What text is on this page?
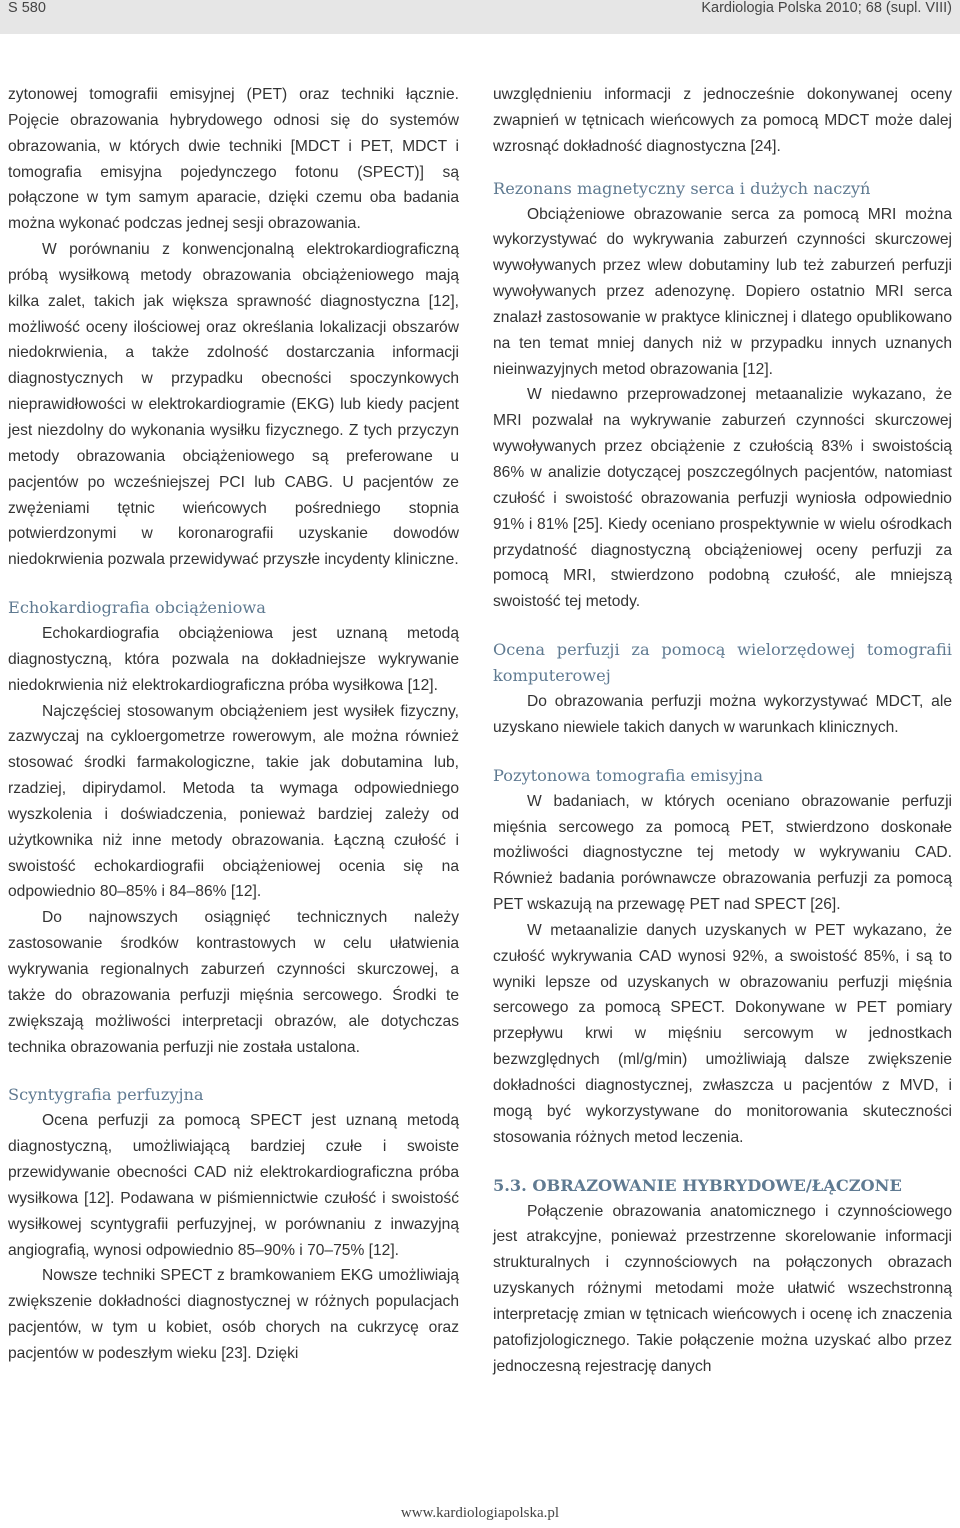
S 580	Kardiologia Polska 2010; 68 (supl. VIII)

zytonowej tomografii emisyjnej (PET) oraz techniki łącznie. Pojęcie obrazowania hybrydowego odnosi się do systemów obrazowania, w których dwie techniki [MDCT i PET, MDCT i tomografia emisyjna pojedynczego fotonu (SPECT)] są połączone w tym samym aparacie, dzięki czemu oba badania można wykonać podczas jednej sesji obrazowania.

W porównaniu z konwencjonalną elektrokardiograficzną próbą wysiłkową metody obrazowania obciążeniowego mają kilka zalet, takich jak większa sprawność diagnostyczna [12], możliwość oceny ilościowej oraz określania lokalizacji obszarów niedokrwienia, a także zdolność dostarczania informacji diagnostycznych w przypadku obecności spoczynkowych nieprawidłowości w elektrokardiogramie (EKG) lub kiedy pacjent jest niezdolny do wykonania wysiłku fizycznego. Z tych przyczyn metody obrazowania obciążeniowego są preferowane u pacjentów po wcześniejszej PCI lub CABG. U pacjentów ze zwężeniami tętnic wieńcowych pośredniego stopnia potwierdzonymi w koronarografii uzyskanie dowodów niedokrwienia pozwala przewidywać przyszłe incydenty kliniczne.

Echokardiografia obciążeniowa

Echokardiografia obciążeniowa jest uznaną metodą diagnostyczną, która pozwala na dokładniejsze wykrywanie niedokrwienia niż elektrokardiograficzna próba wysiłkowa [12].

Najczęściej stosowanym obciążeniem jest wysiłek fizyczny, zazwyczaj na cykloergometrze rowerowym, ale można również stosować środki farmakologiczne, takie jak dobutamina lub, rzadziej, dipirydamol. Metoda ta wymaga odpowiedniego wyszkolenia i doświadczenia, ponieważ bardziej zależy od użytkownika niż inne metody obrazowania. Łączną czułość i swoistość echokardiografii obciążeniowej ocenia się na odpowiednio 80–85% i 84–86% [12].

Do najnowszych osiągnięć technicznych należy zastosowanie środków kontrastowych w celu ułatwienia wykrywania regionalnych zaburzeń czynności skurczowej, a także do obrazowania perfuzji mięśnia sercowego. Środki te zwiększają możliwości interpretacji obrazów, ale dotychczas technika obrazowania perfuzji nie została ustalona.

Scyntygrafia perfuzyjna

Ocena perfuzji za pomocą SPECT jest uznaną metodą diagnostyczną, umożliwiającą bardziej czułe i swoiste przewidywanie obecności CAD niż elektrokardiograficzna próba wysiłkowa [12]. Podawana w piśmiennictwie czułość i swoistość wysiłkowej scyntygrafii perfuzyjnej, w porównaniu z inwazyjną angiografią, wynosi odpowiednio 85–90% i 70–75% [12].

Nowsze techniki SPECT z bramkowaniem EKG umożliwiają zwiększenie dokładności diagnostycznej w różnych populacjach pacjentów, w tym u kobiet, osób chorych na cukrzycę oraz pacjentów w podeszłym wieku [23]. Dzięki

uwzględnieniu informacji z jednocześnie dokonywanej oceny zwapnień w tętnicach wieńcowych za pomocą MDCT może dalej wzrosnąć dokładność diagnostyczna [24].

Rezonans magnetyczny serca i dużych naczyń

Obciążeniowe obrazowanie serca za pomocą MRI można wykorzystywać do wykrywania zaburzeń czynności skurczowej wywoływanych przez wlew dobutaminy lub też zaburzeń perfuzji wywoływanych przez adenozynę. Dopiero ostatnio MRI serca znalazł zastosowanie w praktyce klinicznej i dlatego opublikowano na ten temat mniej danych niż w przypadku innych uznanych nieinwazyjnych metod obrazowania [12].

W niedawno przeprowadzonej metaanalizie wykazano, że MRI pozwalał na wykrywanie zaburzeń czynności skurczowej wywoływanych przez obciążenie z czułością 83% i swoistością 86% w analizie dotyczącej poszczególnych pacjentów, natomiast czułość i swoistość obrazowania perfuzji wyniosła odpowiednio 91% i 81% [25]. Kiedy oceniano prospektywnie w wielu ośrodkach przydatność diagnostyczną obciążeniowej oceny perfuzji za pomocą MRI, stwierdzono podobną czułość, ale mniejszą swoistość tej metody.

Ocena perfuzji za pomocą wielorzędowej tomografii komputerowej

Do obrazowania perfuzji można wykorzystywać MDCT, ale uzyskano niewiele takich danych w warunkach klinicznych.

Pozytonowa tomografia emisyjna

W badaniach, w których oceniano obrazowanie perfuzji mięśnia sercowego za pomocą PET, stwierdzono doskonałe możliwości diagnostyczne tej metody w wykrywaniu CAD. Również badania porównawcze obrazowania perfuzji za pomocą PET wskazują na przewagę PET nad SPECT [26].

W metaanalizie danych uzyskanych w PET wykazano, że czułość wykrywania CAD wynosi 92%, a swoistość 85%, i są to wyniki lepsze od uzyskanych w obrazowaniu perfuzji mięśnia sercowego za pomocą SPECT. Dokonywane w PET pomiary przepływu krwi w mięśniu sercowym w jednostkach bezwzględnych (ml/g/min) umożliwiają dalsze zwiększenie dokładności diagnostycznej, zwłaszcza u pacjentów z MVD, i mogą być wykorzystywane do monitorowania skuteczności stosowania różnych metod leczenia.

5.3. OBRAZOWANIE HYBRYDOWE/ŁĄCZONE

Połączenie obrazowania anatomicznego i czynnościowego jest atrakcyjne, ponieważ przestrzenne skorelowanie informacji strukturalnych i czynnościowych na połączonych obrazach uzyskanych różnymi metodami może ułatwić wszechstronną interpretację zmian w tętnicach wieńcowych i ocenę ich znaczenia patofizjologicznego. Takie połączenie można uzyskać albo przez jednoczesną rejestrację danych

www.kardiologiapolska.pl
